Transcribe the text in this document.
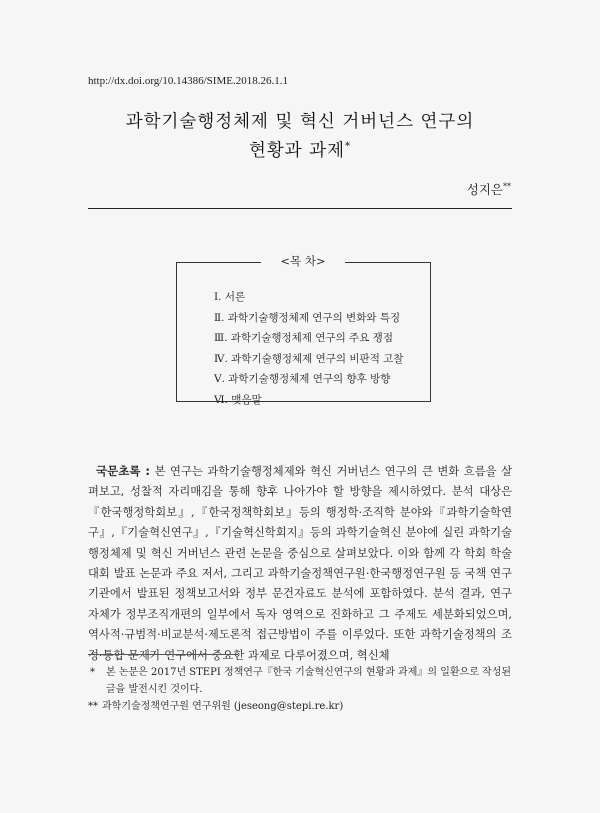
http://dx.doi.org/10.14386/SIME.2018.26.1.1
과학기술행정체제 및 혁신 거버넌스 연구의
현황과 과제*
성지은**
<목 차>
Ⅰ. 서론
Ⅱ. 과학기술행정체제 연구의 변화와 특징
Ⅲ. 과학기술행정체제 연구의 주요 쟁점
Ⅳ. 과학기술행정체제 연구의 비판적 고찰
Ⅴ. 과학기술행정체제 연구의 향후 방향
Ⅵ. 맺음말
국문초록 : 본 연구는 과학기술행정체제와 혁신 거버넌스 연구의 큰 변화 흐름을 살펴보고, 성찰적 자리매김을 통해 향후 나아가야 할 방향을 제시하였다. 분석 대상은『한국행정학회보』,『한국정책학회보』등의 행정학·조직학 분야와『과학기술학연구』,『기술혁신연구』,『기술혁신학회지』등의 과학기술혁신 분야에 실린 과학기술행정체제 및 혁신 거버넌스 관련 논문을 중심으로 살펴보았다. 이와 함께 각 학회 학술대회 발표 논문과 주요 저서, 그리고 과학기술정책연구원·한국행정연구원 등 국책 연구기관에서 발표된 정책보고서와 정부 문건자료도 분석에 포함하였다. 분석 결과, 연구 자체가 정부조직개편의 일부에서 독자 영역으로 진화하고 그 주제도 세분화되었으며, 역사적·규범적·비교분석·제도론적 접근방법이 주를 이루었다. 또한 과학기술정책의 조정·통합 문제가 연구에서 중요한 과제로 다루어졌으며, 혁신체
*	본 논문은 2017년 STEPI 정책연구『한국 기술혁신연구의 현황과 과제』의 일환으로 작성된 글을 발전시킨 것이다.
** 과학기술정책연구원 연구위원 (jeseong@stepi.re.kr)
